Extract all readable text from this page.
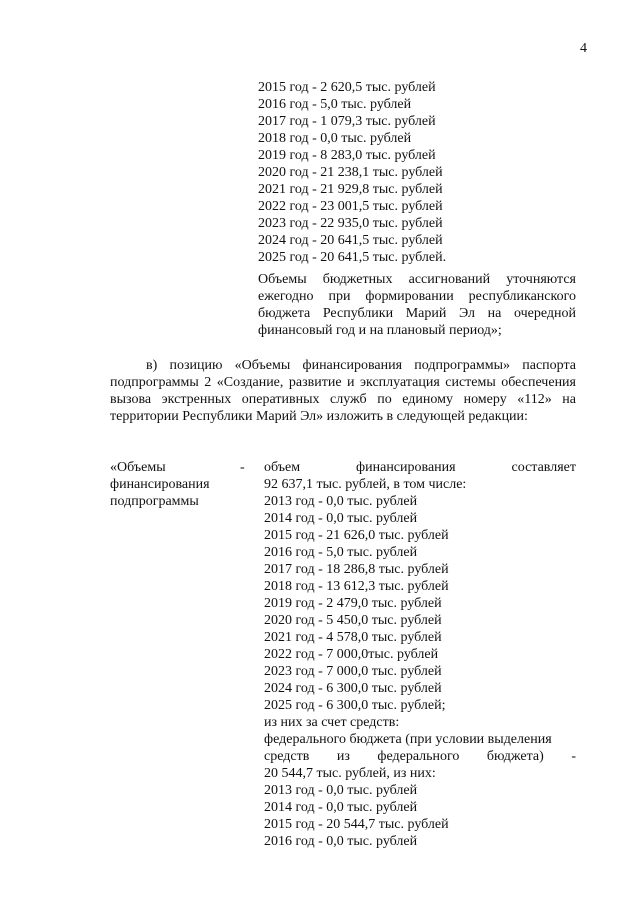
4
2015 год - 2 620,5 тыс. рублей
2016 год - 5,0 тыс. рублей
2017 год - 1 079,3 тыс. рублей
2018 год - 0,0 тыс. рублей
2019 год - 8 283,0 тыс. рублей
2020 год - 21 238,1 тыс. рублей
2021 год - 21 929,8 тыс. рублей
2022 год - 23 001,5 тыс. рублей
2023 год - 22 935,0 тыс. рублей
2024 год - 20 641,5 тыс. рублей
2025 год - 20 641,5 тыс. рублей.
Объемы бюджетных ассигнований уточняются ежегодно при формировании республиканского бюджета Республики Марий Эл на очередной финансовый год и на плановый период»;
в) позицию «Объемы финансирования подпрограммы» паспорта подпрограммы 2 «Создание, развитие и эксплуатация системы обеспечения вызова экстренных оперативных служб по единому номеру «112» на территории Республики Марий Эл» изложить в следующей редакции:
«Объемы
финансирования
подпрограммы
- объем	финансирования	составляет
92 637,1 тыс. рублей, в том числе:
2013 год - 0,0 тыс. рублей
2014 год - 0,0 тыс. рублей
2015 год - 21 626,0 тыс. рублей
2016 год - 5,0 тыс. рублей
2017 год - 18 286,8 тыс. рублей
2018 год - 13 612,3 тыс. рублей
2019 год - 2 479,0 тыс. рублей
2020 год - 5 450,0 тыс. рублей
2021 год - 4 578,0 тыс. рублей
2022 год - 7 000,0тыс. рублей
2023 год - 7 000,0 тыс. рублей
2024 год - 6 300,0 тыс. рублей
2025 год - 6 300,0 тыс. рублей;
из них за счет средств:
федерального бюджета (при условии выделения
средств из федерального бюджета) -
20 544,7 тыс. рублей, из них:
2013 год - 0,0 тыс. рублей
2014 год - 0,0 тыс. рублей
2015 год - 20 544,7 тыс. рублей
2016 год - 0,0 тыс. рублей
